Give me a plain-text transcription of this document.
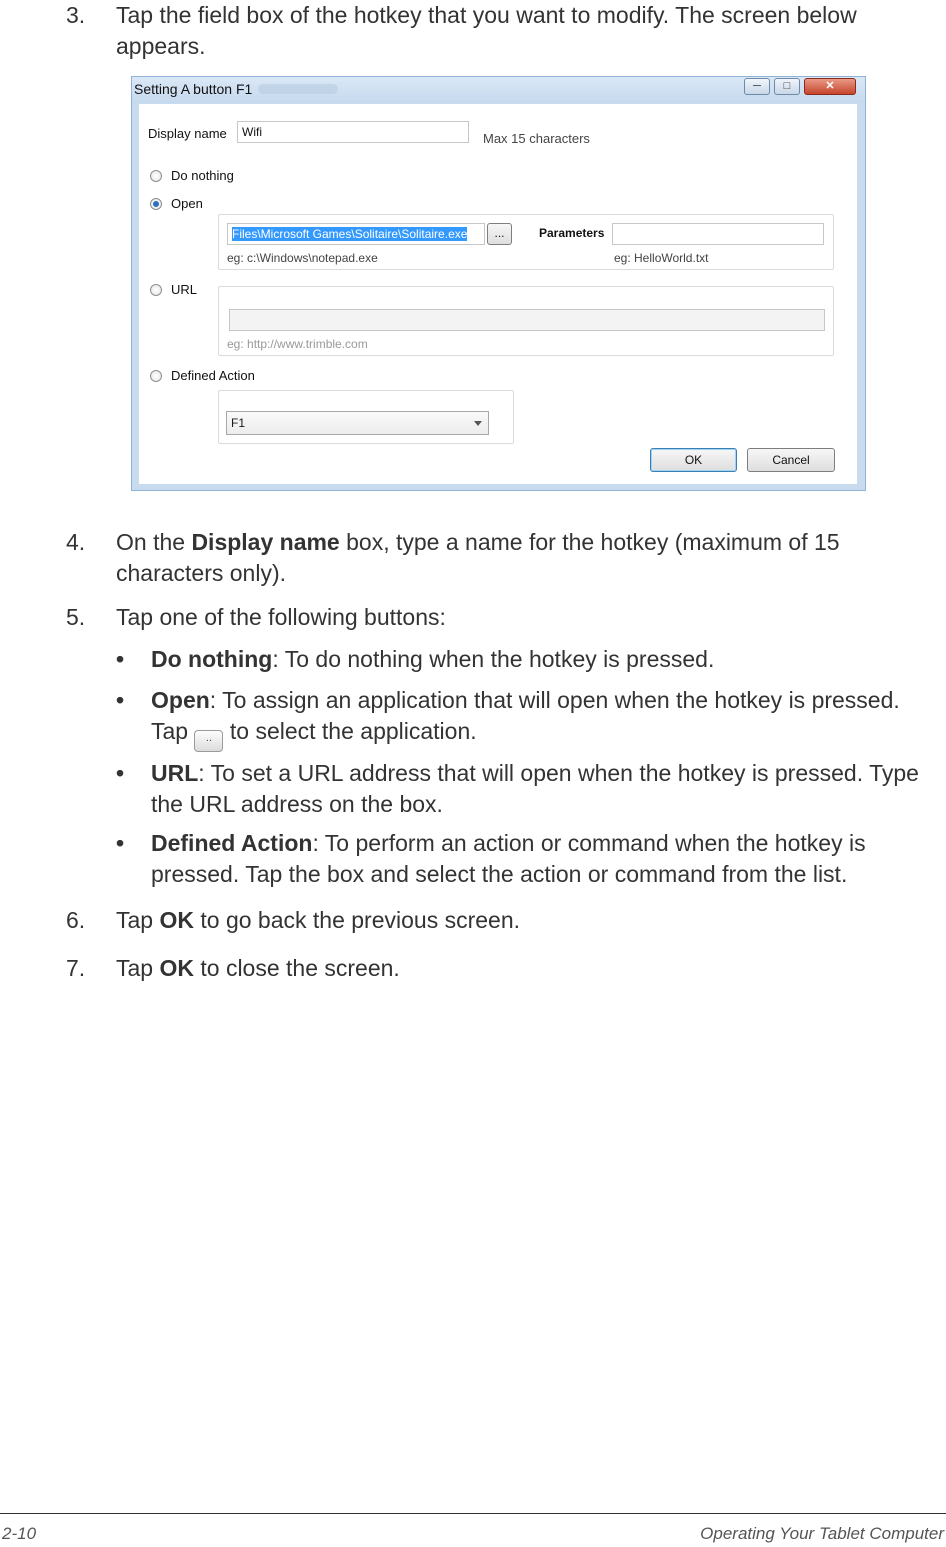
3.	Tap the field box of the hotkey that you want to modify. The screen below appears.
Setting A button F1	─	□	✕
Display name	Wifi	Max 15 characters
Do nothing
Open
Files\Microsoft Games\Solitaire\Solitaire.exe	...	Parameters
eg: c:\Windows\notepad.exe	eg: HelloWorld.txt
URL
eg: http://www.trimble.com
Defined Action
F1
OK	Cancel
4.	On the Display name box, type a name for the hotkey (maximum of 15 characters only).
5.	Tap one of the following buttons:
• Do nothing: To do nothing when the hotkey is pressed.
• Open: To assign an application that will open when the hotkey is pressed. Tap .. to select the application.
• URL: To set a URL address that will open when the hotkey is pressed. Type the URL address on the box.
• Defined Action: To perform an action or command when the hotkey is pressed. Tap the box and select the action or command from the list.
6.	Tap OK to go back the previous screen.
7.	Tap OK to close the screen.
2-10	Operating Your Tablet Computer
